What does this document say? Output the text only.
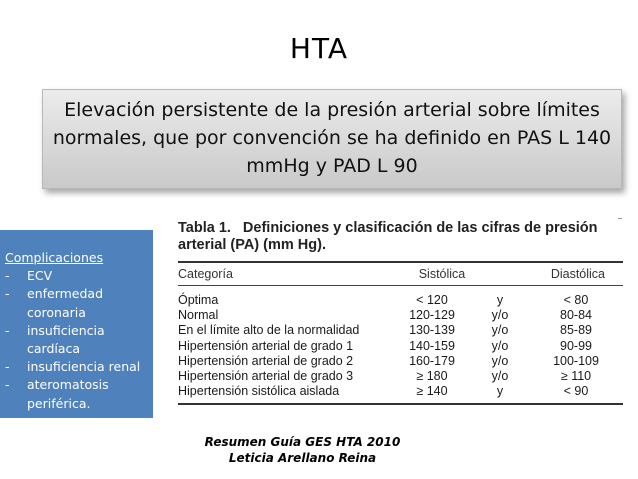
HTA
Elevación persistente de la presión arterial sobre límites normales, que por convención se ha definido en PAS L 140 mmHg y PAD L 90
Complicaciones
- ECV
- enfermedad coronaria
- insuficiencia cardíaca
- insuficiencia renal
- ateromatosis periférica.
Tabla 1. Definiciones y clasificación de las cifras de presión
arterial (PA) (mm Hg).
Categoría	Sistólica	Diastólica
Óptima	< 120	y	< 80
Normal	120-129	y/o	80-84
En el límite alto de la normalidad	130-139	y/o	85-89
Hipertensión arterial de grado 1	140-159	y/o	90-99
Hipertensión arterial de grado 2	160-179	y/o	100-109
Hipertensión arterial de grado 3	≥ 180	y/o	≥ 110
Hipertensión sistólica aislada	≥ 140	y	< 90
Resumen Guía GES HTA 2010
Leticia Arellano Reina
